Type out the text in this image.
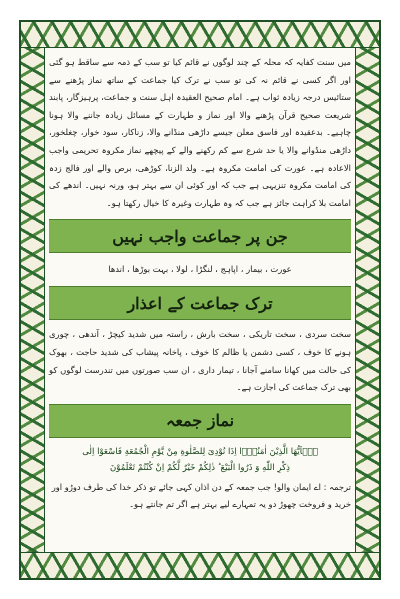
میں سنت کفایہ کہ محلہ کے چند لوگوں نے قائم کیا تو سب کے ذمہ سے ساقط ہو گئی اور اگر کسی نے قائم نہ کی تو سب نے ترک کیا جماعت کے ساتھ نماز پڑھنے سے ستائیس درجہ زیادہ ثواب ہے۔ امام صحیح العقیدہ اہل سنت و جماعت، پرہیزگار، پابند شریعت صحیح قرآن پڑھنے والا اور نماز و طہارت کے مسائل زیادہ جاننے والا ہونا چاہیے۔ بدعقیدہ اور فاسق معلن جیسے داڑھی منڈانے والا، زناکار، سود خوار، چغلخور، داڑھی منڈوانے والا یا حد شرع سے کم رکھنے والے کے پیچھے نماز مکروہ تحریمی واجب الاعادہ ہے۔ عورت کی امامت مکروہ ہے۔ ولد الزنا، کوڑھی، برص والے اور فالج زدہ کی امامت مکروہ تنزیہی ہے جب کہ اور کوئی ان سے بہتر ہو، ورنہ نہیں۔ اندھے کی امامت بلا کراہت جائز ہے جب کہ وہ طہارت وغیرہ کا خیال رکھتا ہو۔

جن پر جماعت واجب نہیں

عورت ، بیمار ، اپاہج ، لنگڑا ، لولا ، بہت بوڑھا ، اندھا

ترک جماعت کے اعذار

سخت سردی ، سخت تاریکی ، سخت بارش ، راستہ میں شدید کیچڑ ، آندھی ، چوری ہونے کا خوف ، کسی دشمن یا ظالم کا خوف ، پاخانہ پیشاب کی شدید حاجت ، بھوک کی حالت میں کھانا سامنے آجانا ، تیمار داری ، ان سب صورتوں میں تندرست لوگوں کو بھی ترک جماعت کی اجازت ہے۔

نماز جمعہ

یٰۤاَیُّهَا الَّذِیْنَ اٰمَنُوْۤا اِذَا نُوْدِیَ لِلصَّلٰوةِ مِنْ یَّوْمِ الْجُمُعَةِ فَاسْعَوْا اِلٰی

ذِكْرِ اللّٰهِ وَ ذَرُوا الْبَیْعَ ؕ ذٰلِكُمْ خَیْرٌ لَّكُمْ اِنْ كُنْتُمْ تَعْلَمُوْنَ

ترجمہ : اے ایمان والو! جب جمعہ کے دن اذان کہی جائے تو ذکر خدا کی طرف دوڑو اور خرید و فروخت چھوڑ دو یہ تمہارے لیے بہتر ہے اگر تم جانتے ہو۔
